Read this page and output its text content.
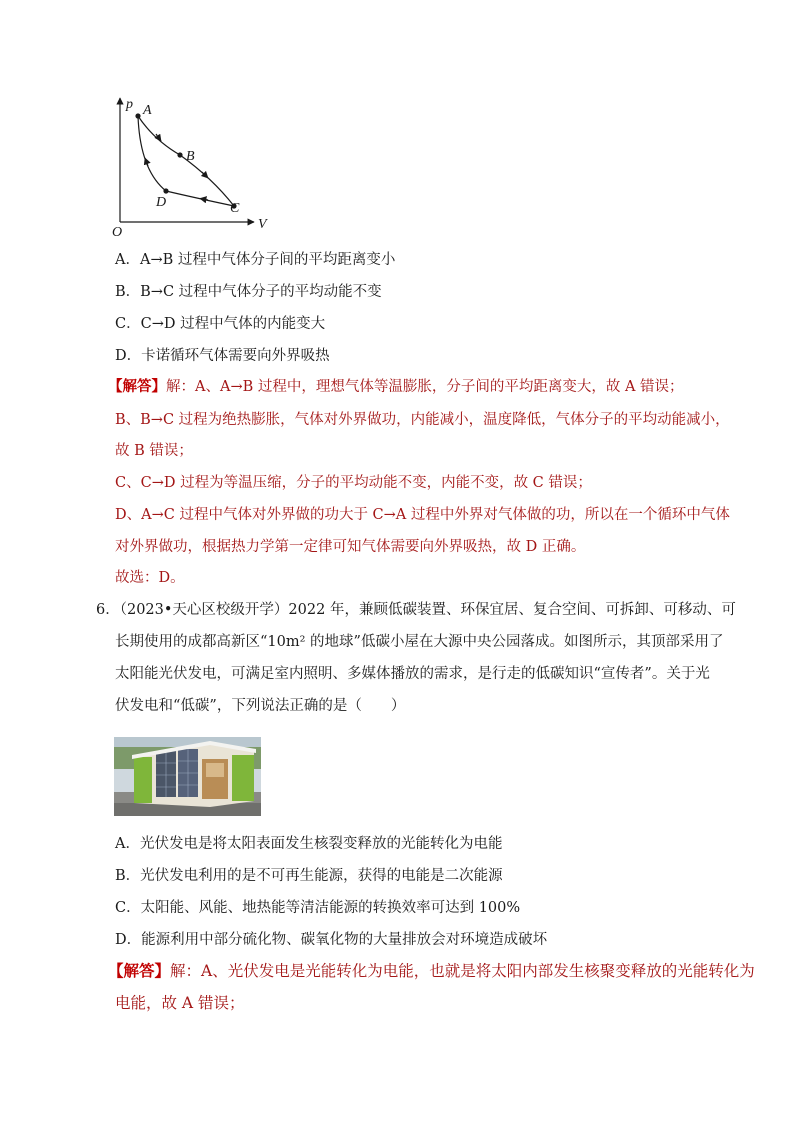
p
V
O
A
B
C
D
A．A→B 过程中气体分子间的平均距离变小
B．B→C 过程中气体分子的平均动能不变
C．C→D 过程中气体的内能变大
D．卡诺循环气体需要向外界吸热
【解答】解：A、A→B 过程中，理想气体等温膨胀，分子间的平均距离变大，故 A 错误；
B、B→C 过程为绝热膨胀，气体对外界做功，内能减小，温度降低，气体分子的平均动能减小，
故 B 错误；
C、C→D 过程为等温压缩，分子的平均动能不变，内能不变，故 C 错误；
D、A→C 过程中气体对外界做的功大于 C→A 过程中外界对气体做的功，所以在一个循环中气体
对外界做功，根据热力学第一定律可知气体需要向外界吸热，故 D 正确。
故选：D。
6．（2023•天心区校级开学）2022 年，兼顾低碳装置、环保宜居、复合空间、可拆卸、可移动、可
长期使用的成都高新区“10m² 的地球”低碳小屋在大源中央公园落成。如图所示，其顶部采用了
太阳能光伏发电，可满足室内照明、多媒体播放的需求，是行走的低碳知识“宣传者”。关于光
伏发电和“低碳”，下列说法正确的是（　　）
A．光伏发电是将太阳表面发生核裂变释放的光能转化为电能
B．光伏发电利用的是不可再生能源，获得的电能是二次能源
C．太阳能、风能、地热能等清洁能源的转换效率可达到 100%
D．能源利用中部分硫化物、碳氧化物的大量排放会对环境造成破坏
【解答】解：A、光伏发电是光能转化为电能，也就是将太阳内部发生核聚变释放的光能转化为
电能，故 A 错误；
